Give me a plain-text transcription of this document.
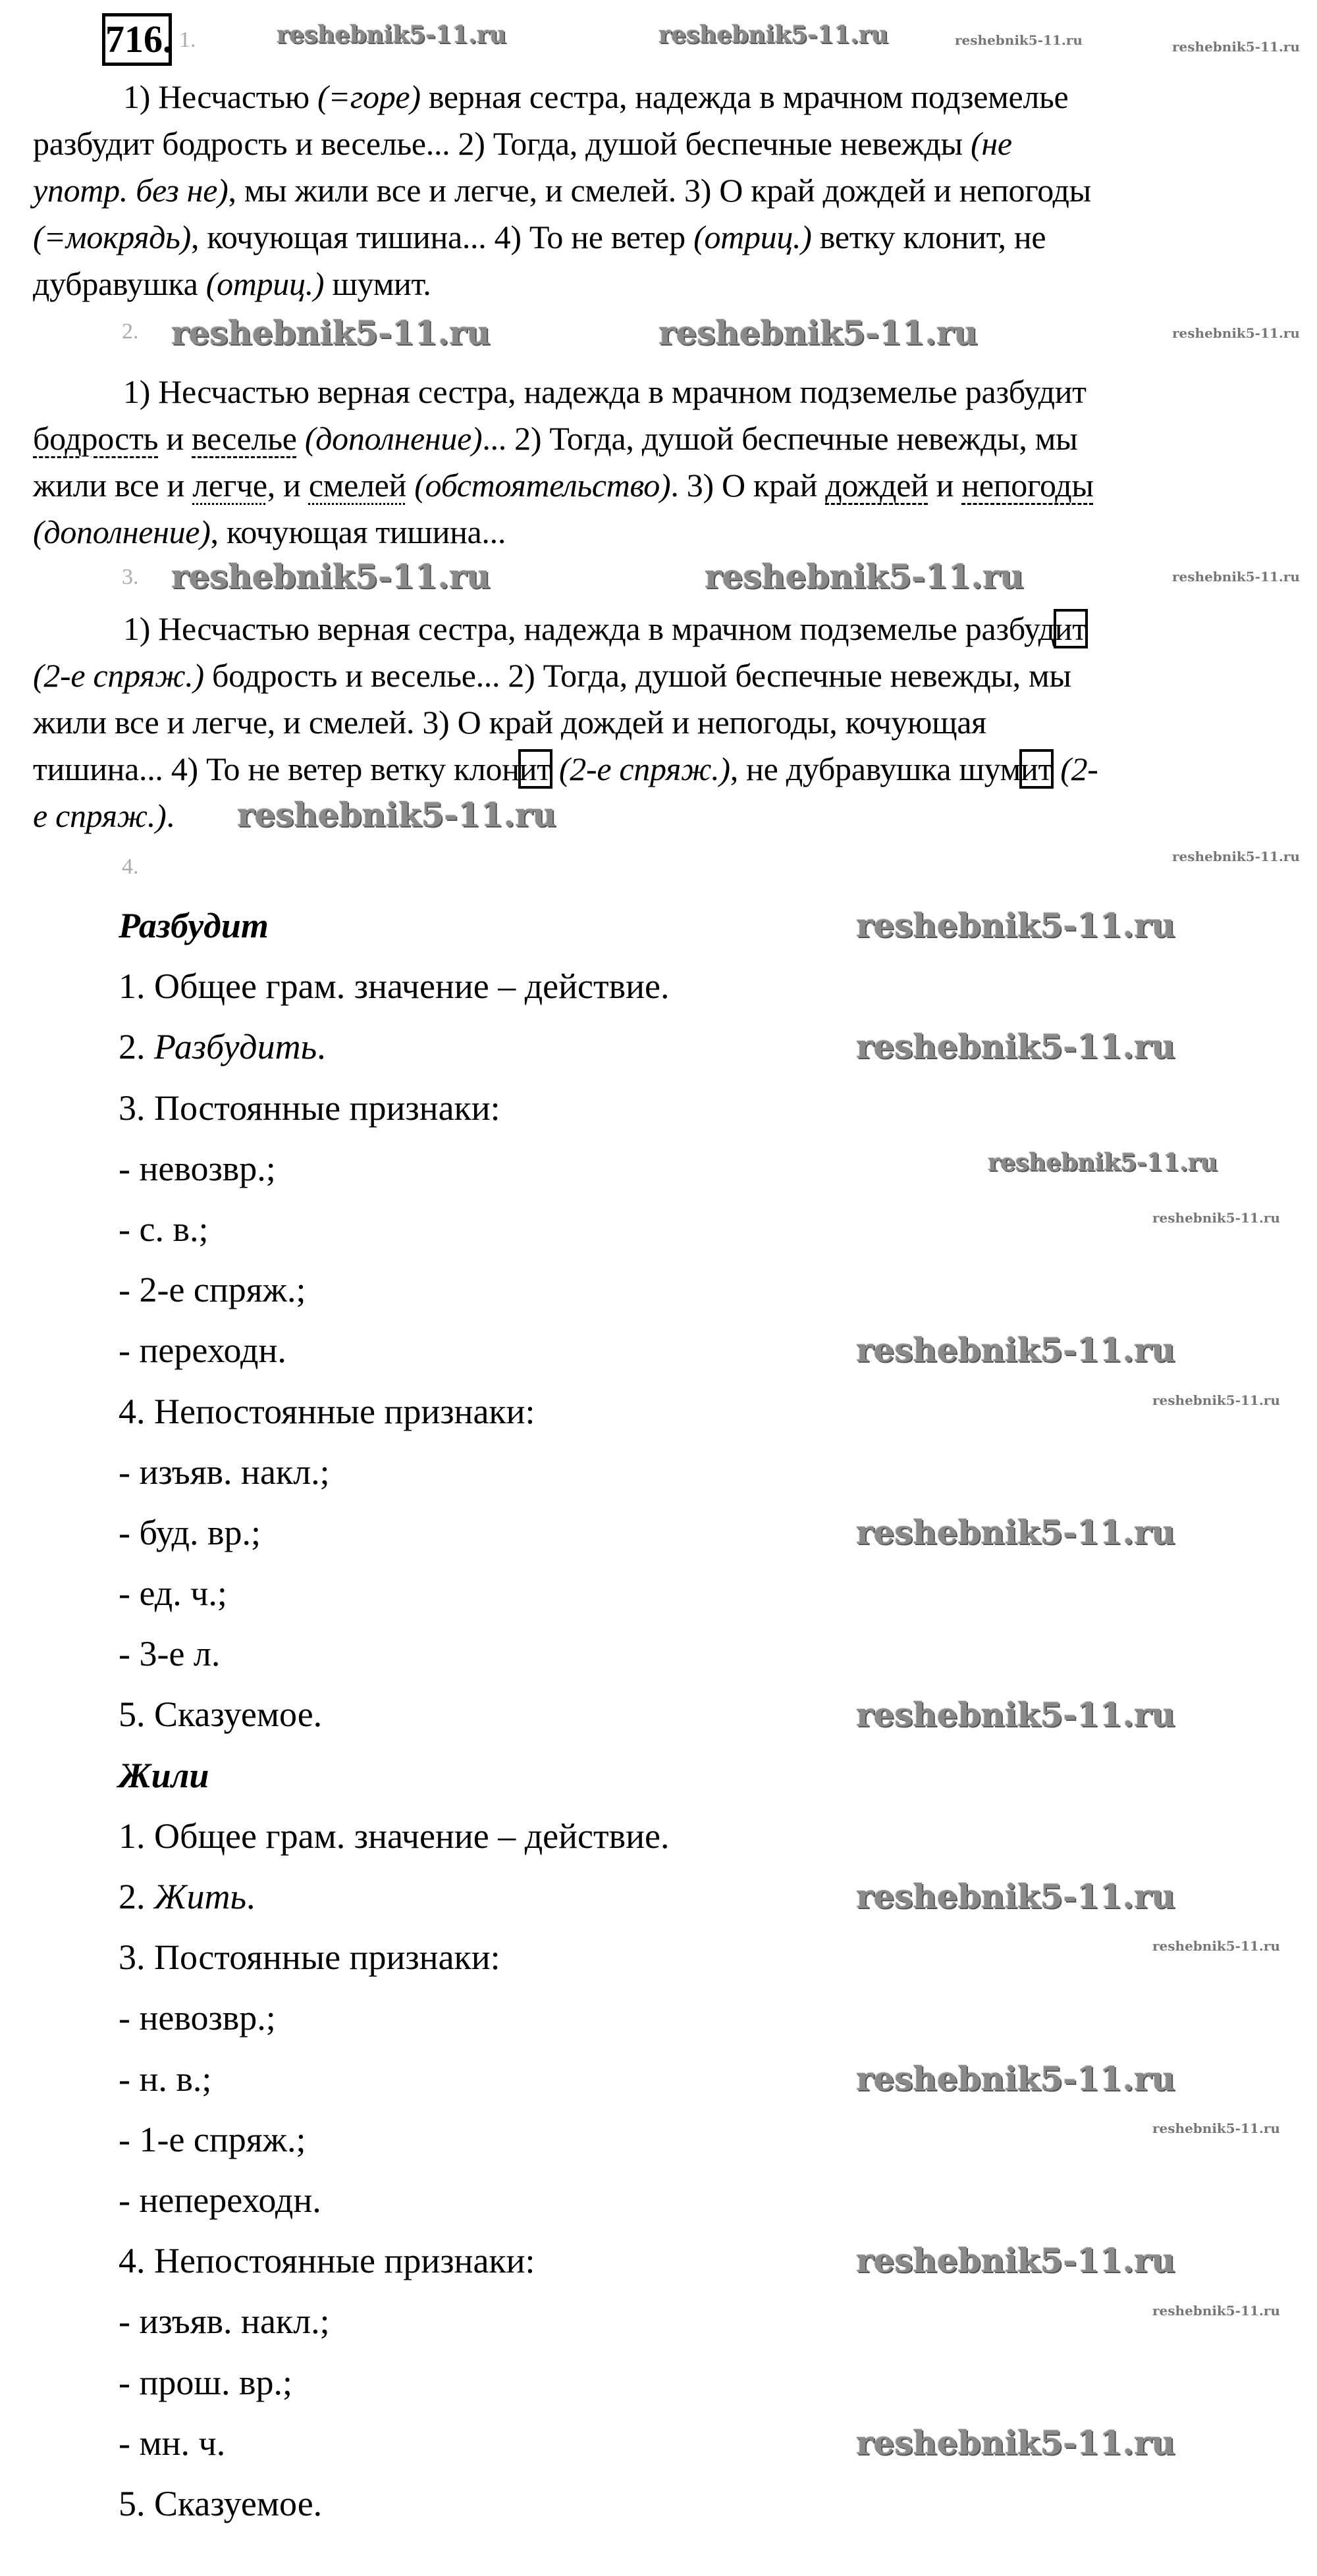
716. 1.
1) Несчастью (=горе) верная сестра, надежда в мрачном подземелье
разбудит бодрость и веселье... 2) Тогда, душой беспечные невежды (не
употр. без не), мы жили все и легче, и смелей. 3) О край дождей и непогоды
(=мокрядь), кочующая тишина... 4) То не ветер (отриц.) ветку клонит, не
дубравушка (отриц.) шумит.
2.
1) Несчастью верная сестра, надежда в мрачном подземелье разбудит
бодрость и веселье (дополнение)... 2) Тогда, душой беспечные невежды, мы
жили все и легче, и смелей (обстоятельство). 3) О край дождей и непогоды
(дополнение), кочующая тишина...
3.
1) Несчастью верная сестра, надежда в мрачном подземелье разбудит
(2-е спряж.) бодрость и веселье... 2) Тогда, душой беспечные невежды, мы
жили все и легче, и смелей. 3) О край дождей и непогоды, кочующая
тишина... 4) То не ветер ветку клонит (2-е спряж.), не дубравушка шумит (2-
е спряж.).
4.
Разбудит
1. Общее грам. значение – действие.
2. Разбудить.
3. Постоянные признаки:
- невозвр.;
- с. в.;
- 2-е спряж.;
- переходн.
4. Непостоянные признаки:
- изъяв. накл.;
- буд. вр.;
- ед. ч.;
- 3-е л.
5. Сказуемое.
Жили
1. Общее грам. значение – действие.
2. Жить.
3. Постоянные признаки:
- невозвр.;
- н. в.;
- 1-е спряж.;
- непереходн.
4. Непостоянные признаки:
- изъяв. накл.;
- прош. вр.;
- мн. ч.
5. Сказуемое.
reshebnik5-11.ru	reshebnik5-11.ru	reshebnik5-11.ru	reshebnik5-11.ru
reshebnik5-11.ru	reshebnik5-11.ru	reshebnik5-11.ru
reshebnik5-11.ru	reshebnik5-11.ru	reshebnik5-11.ru
reshebnik5-11.ru
reshebnik5-11.ru
reshebnik5-11.ru
reshebnik5-11.ru
reshebnik5-11.ru
reshebnik5-11.ru
reshebnik5-11.ru
reshebnik5-11.ru
reshebnik5-11.ru
reshebnik5-11.ru
reshebnik5-11.ru
reshebnik5-11.ru
reshebnik5-11.ru
reshebnik5-11.ru
reshebnik5-11.ru
reshebnik5-11.ru
reshebnik5-11.ru
